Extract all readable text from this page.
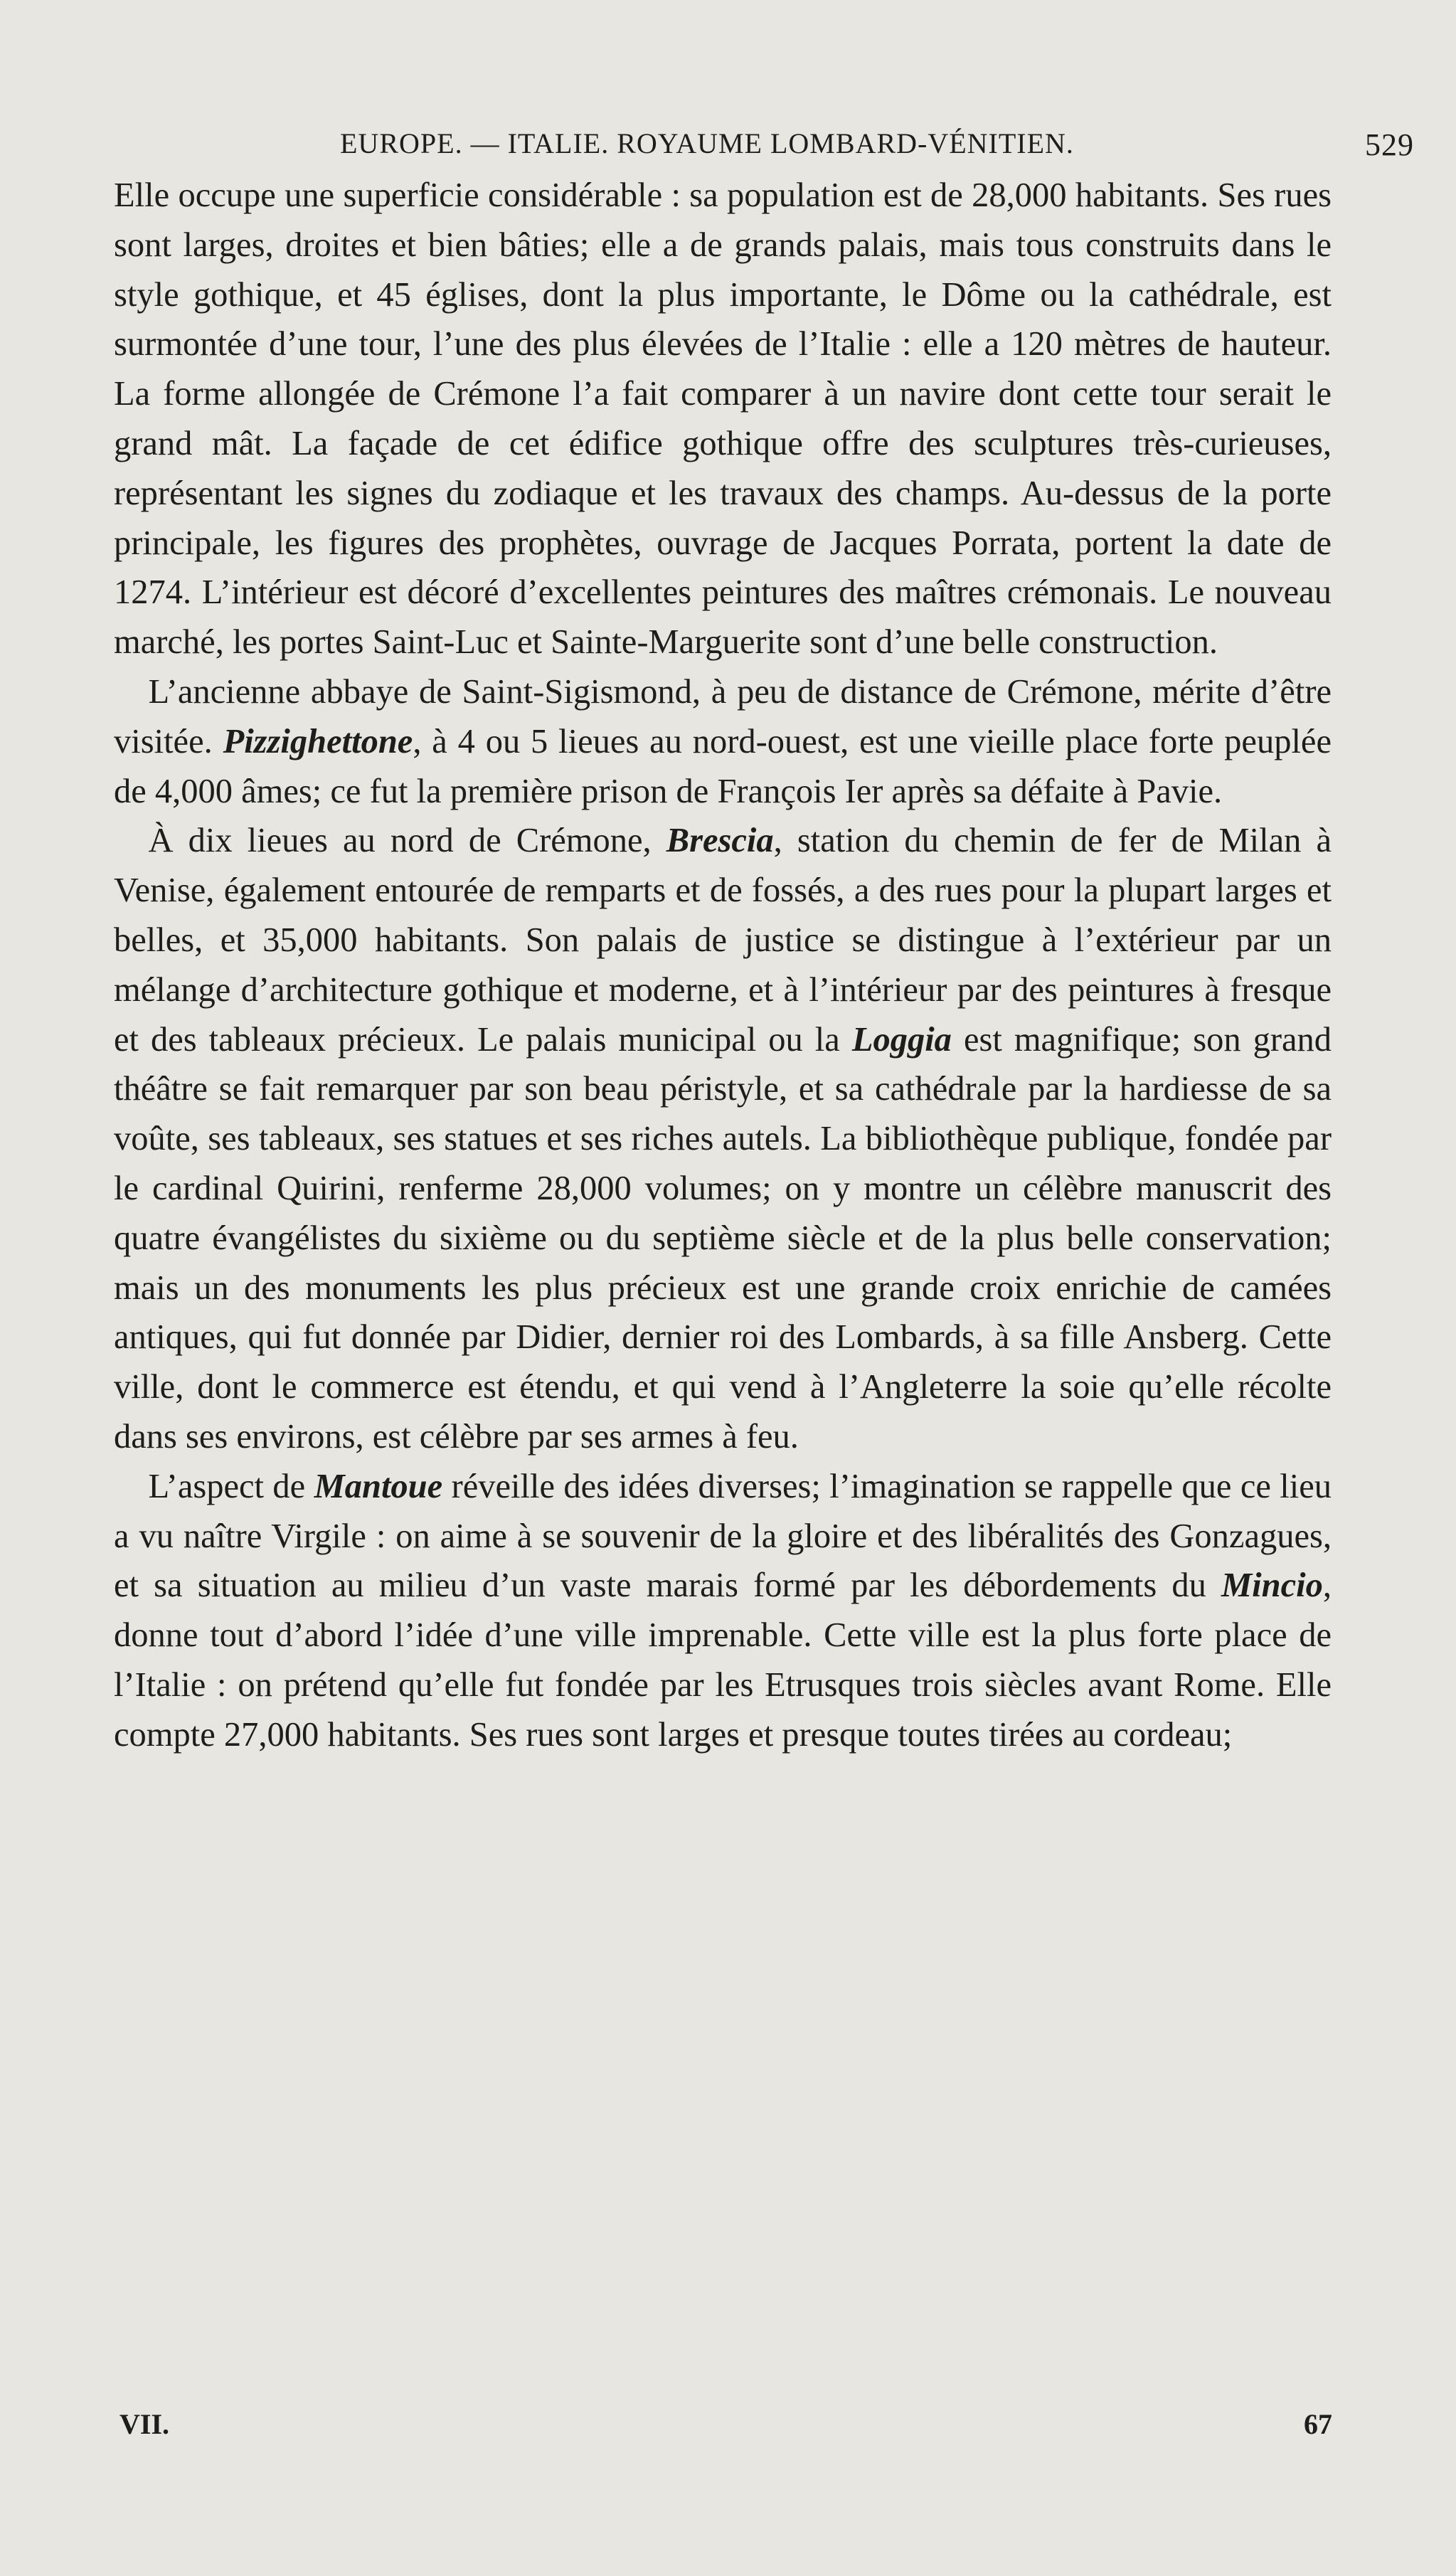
EUROPE. — ITALIE. ROYAUME LOMBARD-VÉNITIEN.	529

Elle occupe une superficie considérable : sa population est de 28,000 habitants. Ses rues sont larges, droites et bien bâties; elle a de grands palais, mais tous construits dans le style gothique, et 45 églises, dont la plus importante, le Dôme ou la cathédrale, est surmontée d’une tour, l’une des plus élevées de l’Italie : elle a 120 mètres de hauteur. La forme allongée de Crémone l’a fait comparer à un navire dont cette tour serait le grand mât. La façade de cet édifice gothique offre des sculptures très-curieuses, représentant les signes du zodiaque et les travaux des champs. Au-dessus de la porte principale, les figures des prophètes, ouvrage de Jacques Porrata, portent la date de 1274. L’intérieur est décoré d’excellentes peintures des maîtres crémonais. Le nouveau marché, les portes Saint-Luc et Sainte-Marguerite sont d’une belle construction.

L’ancienne abbaye de Saint-Sigismond, à peu de distance de Crémone, mérite d’être visitée. Pizzighettone, à 4 ou 5 lieues au nord-ouest, est une vieille place forte peuplée de 4,000 âmes; ce fut la première prison de François Ier après sa défaite à Pavie.

À dix lieues au nord de Crémone, Brescia, station du chemin de fer de Milan à Venise, également entourée de remparts et de fossés, a des rues pour la plupart larges et belles, et 35,000 habitants. Son palais de justice se distingue à l’extérieur par un mélange d’architecture gothique et moderne, et à l’intérieur par des peintures à fresque et des tableaux précieux. Le palais municipal ou la Loggia est magnifique; son grand théâtre se fait remarquer par son beau péristyle, et sa cathédrale par la hardiesse de sa voûte, ses tableaux, ses statues et ses riches autels. La bibliothèque publique, fondée par le cardinal Quirini, renferme 28,000 volumes; on y montre un célèbre manuscrit des quatre évangélistes du sixième ou du septième siècle et de la plus belle conservation; mais un des monuments les plus précieux est une grande croix enrichie de camées antiques, qui fut donnée par Didier, dernier roi des Lombards, à sa fille Ansberg. Cette ville, dont le commerce est étendu, et qui vend à l’Angleterre la soie qu’elle récolte dans ses environs, est célèbre par ses armes à feu.

L’aspect de Mantoue réveille des idées diverses; l’imagination se rappelle que ce lieu a vu naître Virgile : on aime à se souvenir de la gloire et des libéralités des Gonzagues, et sa situation au milieu d’un vaste marais formé par les débordements du Mincio, donne tout d’abord l’idée d’une ville imprenable. Cette ville est la plus forte place de l’Italie : on prétend qu’elle fut fondée par les Etrusques trois siècles avant Rome. Elle compte 27,000 habitants. Ses rues sont larges et presque toutes tirées au cordeau;

VII.	67
